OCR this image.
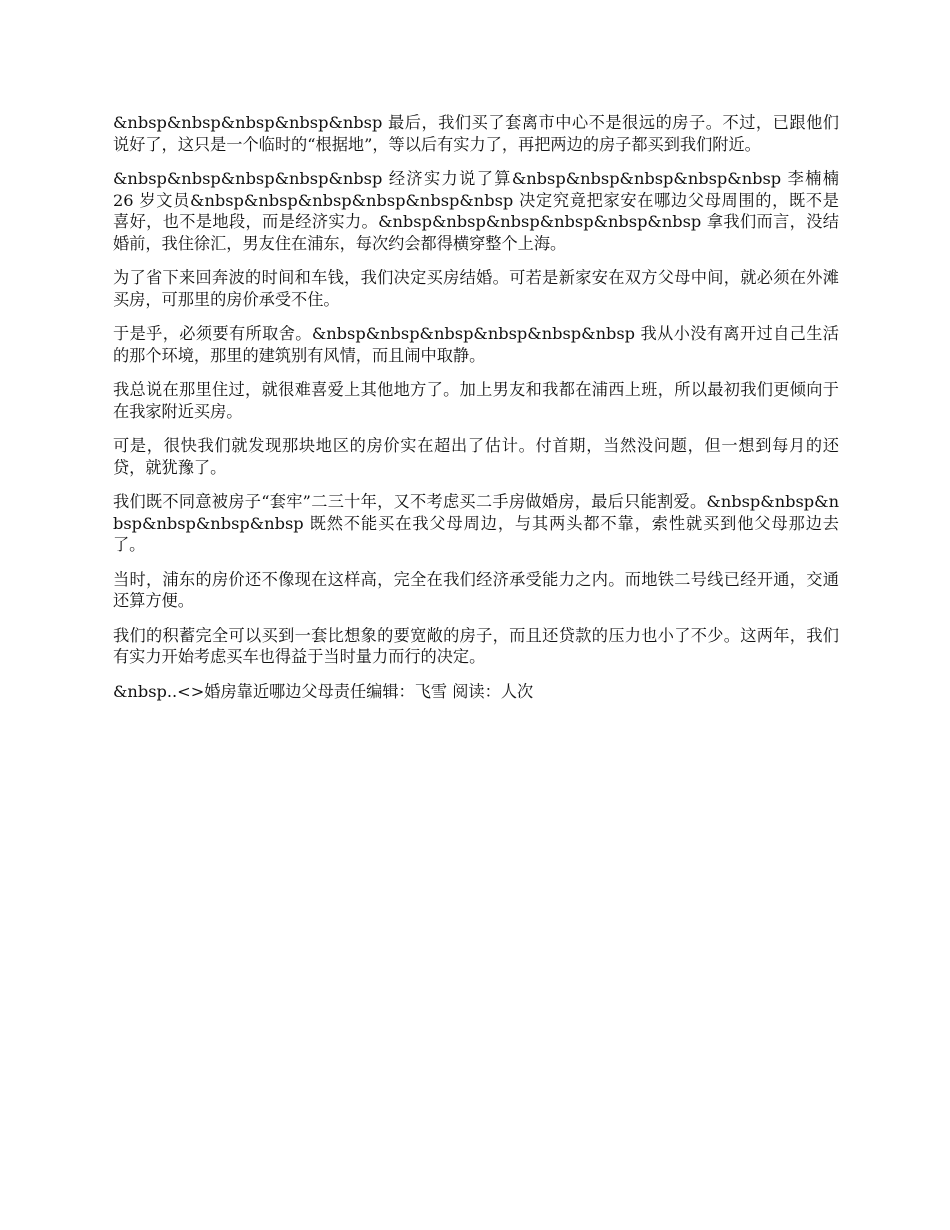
&nbsp&nbsp&nbsp&nbsp&nbsp 最后，我们买了套离市中心不是很远的房子。不过，已跟他们说好了，这只是一个临时的“根据地”，等以后有实力了，再把两边的房子都买到我们附近。

&nbsp&nbsp&nbsp&nbsp&nbsp 经济实力说了算&nbsp&nbsp&nbsp&nbsp&nbsp 李楠楠 26 岁文员&nbsp&nbsp&nbsp&nbsp&nbsp&nbsp 决定究竟把家安在哪边父母周围的，既不是喜好，也不是地段，而是经济实力。&nbsp&nbsp&nbsp&nbsp&nbsp&nbsp 拿我们而言，没结婚前，我住徐汇，男友住在浦东，每次约会都得横穿整个上海。

为了省下来回奔波的时间和车钱，我们决定买房结婚。可若是新家安在双方父母中间，就必须在外滩买房，可那里的房价承受不住。

于是乎，必须要有所取舍。&nbsp&nbsp&nbsp&nbsp&nbsp&nbsp 我从小没有离开过自己生活的那个环境，那里的建筑别有风情，而且闹中取静。

我总说在那里住过，就很难喜爱上其他地方了。加上男友和我都在浦西上班，所以最初我们更倾向于在我家附近买房。

可是，很快我们就发现那块地区的房价实在超出了估计。付首期，当然没问题，但一想到每月的还贷，就犹豫了。

我们既不同意被房子“套牢”二三十年，又不考虑买二手房做婚房，最后只能割爱。&nbsp&nbsp&nbsp&nbsp&nbsp&nbsp 既然不能买在我父母周边，与其两头都不靠，索性就买到他父母那边去了。

当时，浦东的房价还不像现在这样高，完全在我们经济承受能力之内。而地铁二号线已经开通，交通还算方便。

我们的积蓄完全可以买到一套比想象的要宽敞的房子，而且还贷款的压力也小了不少。这两年，我们有实力开始考虑买车也得益于当时量力而行的决定。

&nbsp..<>婚房靠近哪边父母责任编辑：飞雪 阅读：人次
